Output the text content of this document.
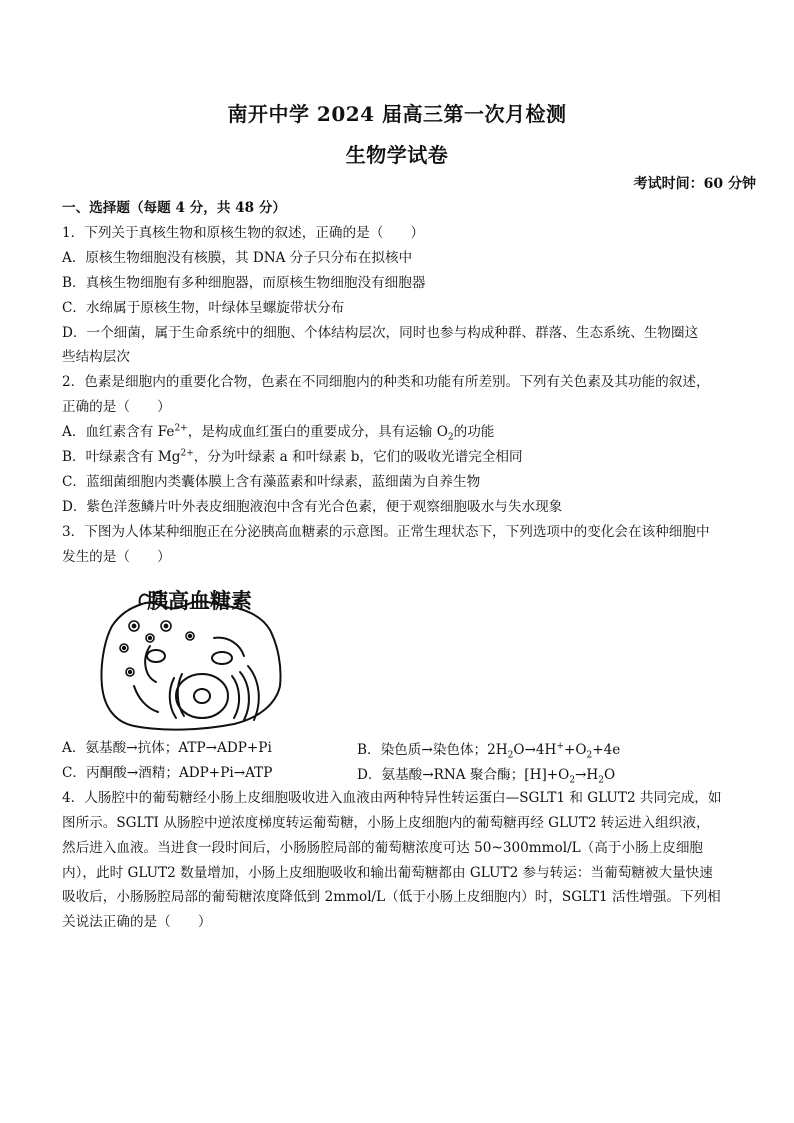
南开中学 2024 届高三第一次月检测
生物学试卷
考试时间：60 分钟
一、选择题（每题 4 分，共 48 分）
1．下列关于真核生物和原核生物的叙述，正确的是（　　）
A．原核生物细胞没有核膜，其 DNA 分子只分布在拟核中
B．真核生物细胞有多种细胞器，而原核生物细胞没有细胞器
C．水绵属于原核生物，叶绿体呈螺旋带状分布
D．一个细菌，属于生命系统中的细胞、个体结构层次，同时也参与构成种群、群落、生态系统、生物圈这
些结构层次
2．色素是细胞内的重要化合物，色素在不同细胞内的种类和功能有所差别。下列有关色素及其功能的叙述，
正确的是（　　）
A．血红素含有 $Fe^{2+}$，是构成血红蛋白的重要成分，具有运输 $O_2$的功能
B．叶绿素含有 $Mg^{2+}$，分为叶绿素 a 和叶绿素 b，它们的吸收光谱完全相同
C．蓝细菌细胞内类囊体膜上含有藻蓝素和叶绿素，蓝细菌为自养生物
D．紫色洋葱鳞片叶外表皮细胞液泡中含有光合色素，便于观察细胞吸水与失水现象
3．下图为人体某种细胞正在分泌胰高血糖素的示意图。正常生理状态下，下列选项中的变化会在该种细胞中
发生的是（　　）
胰高血糖素
A．氨基酸→抗体；ATP→ADP+Pi	B．染色质→染色体；$2H_2O\to 4H^++O_2+4e$
C．丙酮酸→酒精；ADP+Pi→ATP	D．氨基酸→RNA 聚合酶；$[H]+O_2\to H_2O$
4．人肠腔中的葡萄糖经小肠上皮细胞吸收进入血液由两种特异性转运蛋白—SGLT1 和 GLUT2 共同完成，如
图所示。SGLTI 从肠腔中逆浓度梯度转运葡萄糖，小肠上皮细胞内的葡萄糖再经 GLUT2 转运进入组织液，
然后进入血液。当进食一段时间后，小肠肠腔局部的葡萄糖浓度可达 50~300mmol/L（高于小肠上皮细胞
内），此时 GLUT2 数量增加，小肠上皮细胞吸收和输出葡萄糖都由 GLUT2 参与转运：当葡萄糖被大量快速
吸收后，小肠肠腔局部的葡萄糖浓度降低到 2mmol/L（低于小肠上皮细胞内）时，SGLT1 活性增强。下列相
关说法正确的是（　　）
